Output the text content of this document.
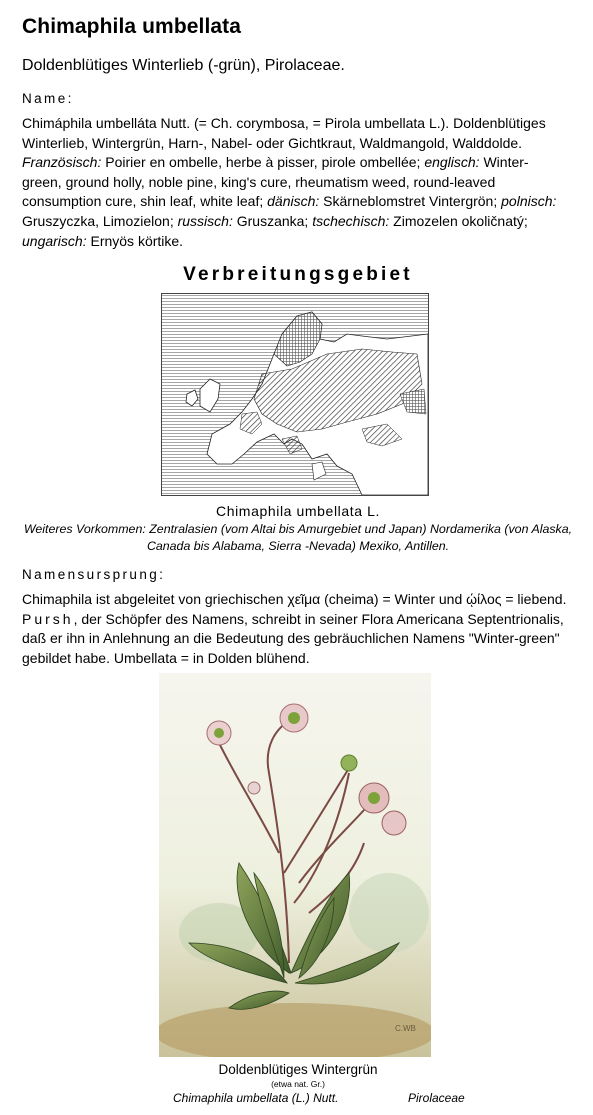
Chimaphila umbellata
Doldenblütiges Winterlieb (-grün), Pirolaceae.
Name:
Chimáphila umbelláta Nutt. (= Ch. corymbosa, = Pirola umbellata L.). Doldenblütiges Winterlieb, Wintergrün, Harn-, Nabel- oder Gichtkraut, Waldmangold, Walddolde. Französisch: Poirier en ombelle, herbe à pisser, pirole ombellée; englisch: Winter-green, ground holly, noble pine, king's cure, rheumatism weed, round-leaved consumption cure, shin leaf, white leaf; dänisch: Skärneblomstret Vintergrön; polnisch: Gruszyczka, Limozielon; russisch: Gruszanka; tschechisch: Zimozelen okoličnatý; ungarisch: Ernyös körtike.
Verbreitungsgebiet
Chimaphila umbellata L.
Weiteres Vorkommen: Zentralasien (vom Altai bis Amurgebiet und Japan) Nordamerika (von Alaska, Canada bis Alabama, Sierra -Nevada) Mexiko, Antillen.
Namensursprung:
Chimaphila ist abgeleitet von griechischen χεῖμα (cheima) = Winter und ῴίλος = liebend. Pursh, der Schöpfer des Namens, schreibt in seiner Flora Americana Septentrionalis, daß er ihn in Anlehnung an die Bedeutung des gebräuchlichen Namens "Winter-green" gebildet habe. Umbellata = in Dolden blühend.
C.WB
Doldenblütiges Wintergrün
(etwa nat. Gr.)
Chimaphila umbellata (L.) Nutt.	Pirolaceae
